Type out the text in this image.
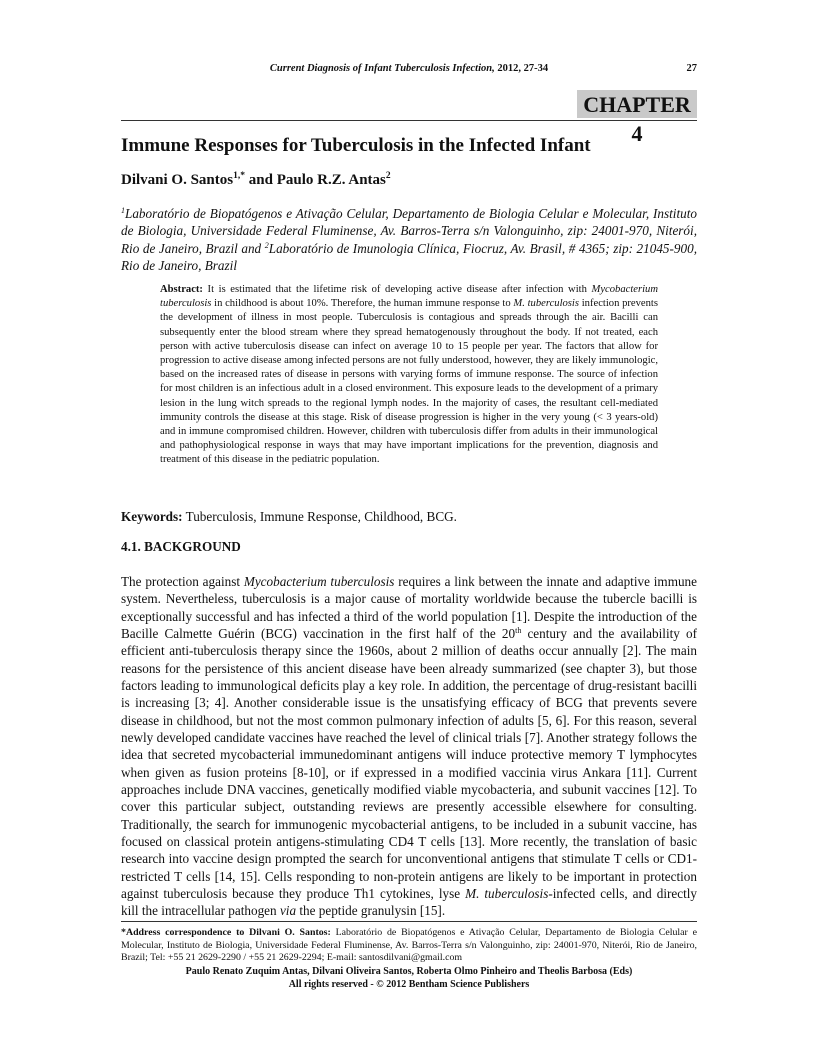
Current Diagnosis of Infant Tuberculosis Infection, 2012, 27-34	27
CHAPTER 4
Immune Responses for Tuberculosis in the Infected Infant
Dilvani O. Santos$^{1,*}$ and Paulo R.Z. Antas$^2$
$^1$Laboratório de Biopatógenos e Ativação Celular, Departamento de Biologia Celular e Molecular, Instituto de Biologia, Universidade Federal Fluminense, Av. Barros-Terra s/n Valonguinho, zip: 24001-970, Niterói, Rio de Janeiro, Brazil and $^2$Laboratório de Imunologia Clínica, Fiocruz, Av. Brasil, # 4365; zip: 21045-900, Rio de Janeiro, Brazil
Abstract: It is estimated that the lifetime risk of developing active disease after infection with Mycobacterium tuberculosis in childhood is about 10%. Therefore, the human immune response to M. tuberculosis infection prevents the development of illness in most people. Tuberculosis is contagious and spreads through the air. Bacilli can subsequently enter the blood stream where they spread hematogenously throughout the body. If not treated, each person with active tuberculosis disease can infect on average 10 to 15 people per year. The factors that allow for progression to active disease among infected persons are not fully understood, however, they are likely immunologic, based on the increased rates of disease in persons with varying forms of immune response. The source of infection for most children is an infectious adult in a closed environment. This exposure leads to the development of a primary lesion in the lung witch spreads to the regional lymph nodes. In the majority of cases, the resultant cell-mediated immunity controls the disease at this stage. Risk of disease progression is higher in the very young (< 3 years-old) and in immune compromised children. However, children with tuberculosis differ from adults in their immunological and pathophysiological response in ways that may have important implications for the prevention, diagnosis and treatment of this disease in the pediatric population.
Keywords: Tuberculosis, Immune Response, Childhood, BCG.
4.1. BACKGROUND
The protection against Mycobacterium tuberculosis requires a link between the innate and adaptive immune system. Nevertheless, tuberculosis is a major cause of mortality worldwide because the tubercle bacilli is exceptionally successful and has infected a third of the world population [1]. Despite the introduction of the Bacille Calmette Guérin (BCG) vaccination in the first half of the 20th century and the availability of efficient anti-tuberculosis therapy since the 1960s, about 2 million of deaths occur annually [2]. The main reasons for the persistence of this ancient disease have been already summarized (see chapter 3), but those factors leading to immunological deficits play a key role. In addition, the percentage of drug-resistant bacilli is increasing [3; 4]. Another considerable issue is the unsatisfying efficacy of BCG that prevents severe disease in childhood, but not the most common pulmonary infection of adults [5, 6]. For this reason, several newly developed candidate vaccines have reached the level of clinical trials [7]. Another strategy follows the idea that secreted mycobacterial immunedominant antigens will induce protective memory T lymphocytes when given as fusion proteins [8-10], or if expressed in a modified vaccinia virus Ankara [11]. Current approaches include DNA vaccines, genetically modified viable mycobacteria, and subunit vaccines [12]. To cover this particular subject, outstanding reviews are presently accessible elsewhere for consulting. Traditionally, the search for immunogenic mycobacterial antigens, to be included in a subunit vaccine, has focused on classical protein antigens-stimulating CD4 T cells [13]. More recently, the translation of basic research into vaccine design prompted the search for unconventional antigens that stimulate T cells or CD1-restricted T cells [14, 15]. Cells responding to non-protein antigens are likely to be important in protection against tuberculosis because they produce Th1 cytokines, lyse M. tuberculosis-infected cells, and directly kill the intracellular pathogen via the peptide granulysin [15].
*Address correspondence to Dilvani O. Santos: Laboratório de Biopatógenos e Ativação Celular, Departamento de Biologia Celular e Molecular, Instituto de Biologia, Universidade Federal Fluminense, Av. Barros-Terra s/n Valonguinho, zip: 24001-970, Niterói, Rio de Janeiro, Brazil; Tel: +55 21 2629-2290 / +55 21 2629-2294; E-mail: santosdilvani@gmail.com
Paulo Renato Zuquim Antas, Dilvani Oliveira Santos, Roberta Olmo Pinheiro and Theolis Barbosa (Eds)
All rights reserved - © 2012 Bentham Science Publishers
